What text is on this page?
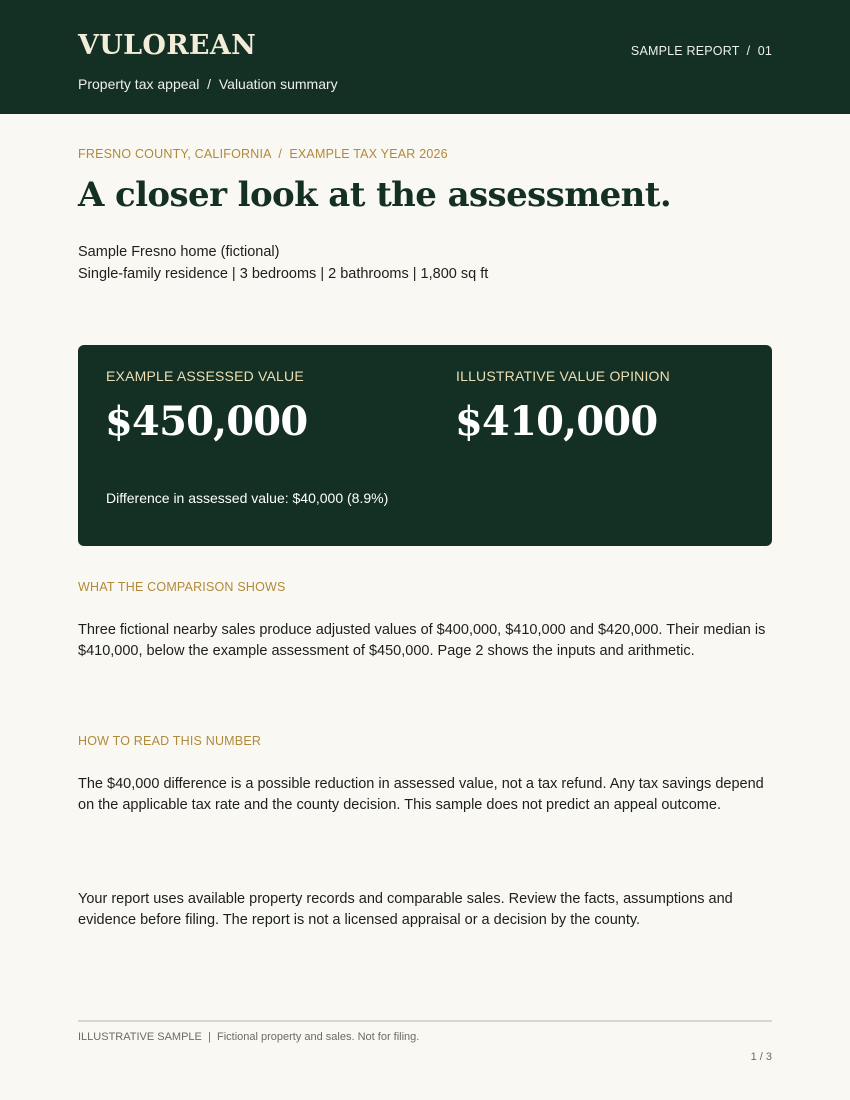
VULOREAN
Property tax appeal  /  Valuation summary
SAMPLE REPORT  /  01
FRESNO COUNTY, CALIFORNIA  /  EXAMPLE TAX YEAR 2026
A closer look at the assessment.
Sample Fresno home (fictional)
Single-family residence | 3 bedrooms | 2 bathrooms | 1,800 sq ft
EXAMPLE ASSESSED VALUE
$450,000
ILLUSTRATIVE VALUE OPINION
$410,000
Difference in assessed value: $40,000 (8.9%)
WHAT THE COMPARISON SHOWS
Three fictional nearby sales produce adjusted values of $400,000, $410,000 and $420,000. Their median is $410,000, below the example assessment of $450,000. Page 2 shows the inputs and arithmetic.
HOW TO READ THIS NUMBER
The $40,000 difference is a possible reduction in assessed value, not a tax refund. Any tax savings depend on the applicable tax rate and the county decision. This sample does not predict an appeal outcome.
Your report uses available property records and comparable sales. Review the facts, assumptions and evidence before filing. The report is not a licensed appraisal or a decision by the county.
ILLUSTRATIVE SAMPLE  |  Fictional property and sales. Not for filing.
1 / 3
